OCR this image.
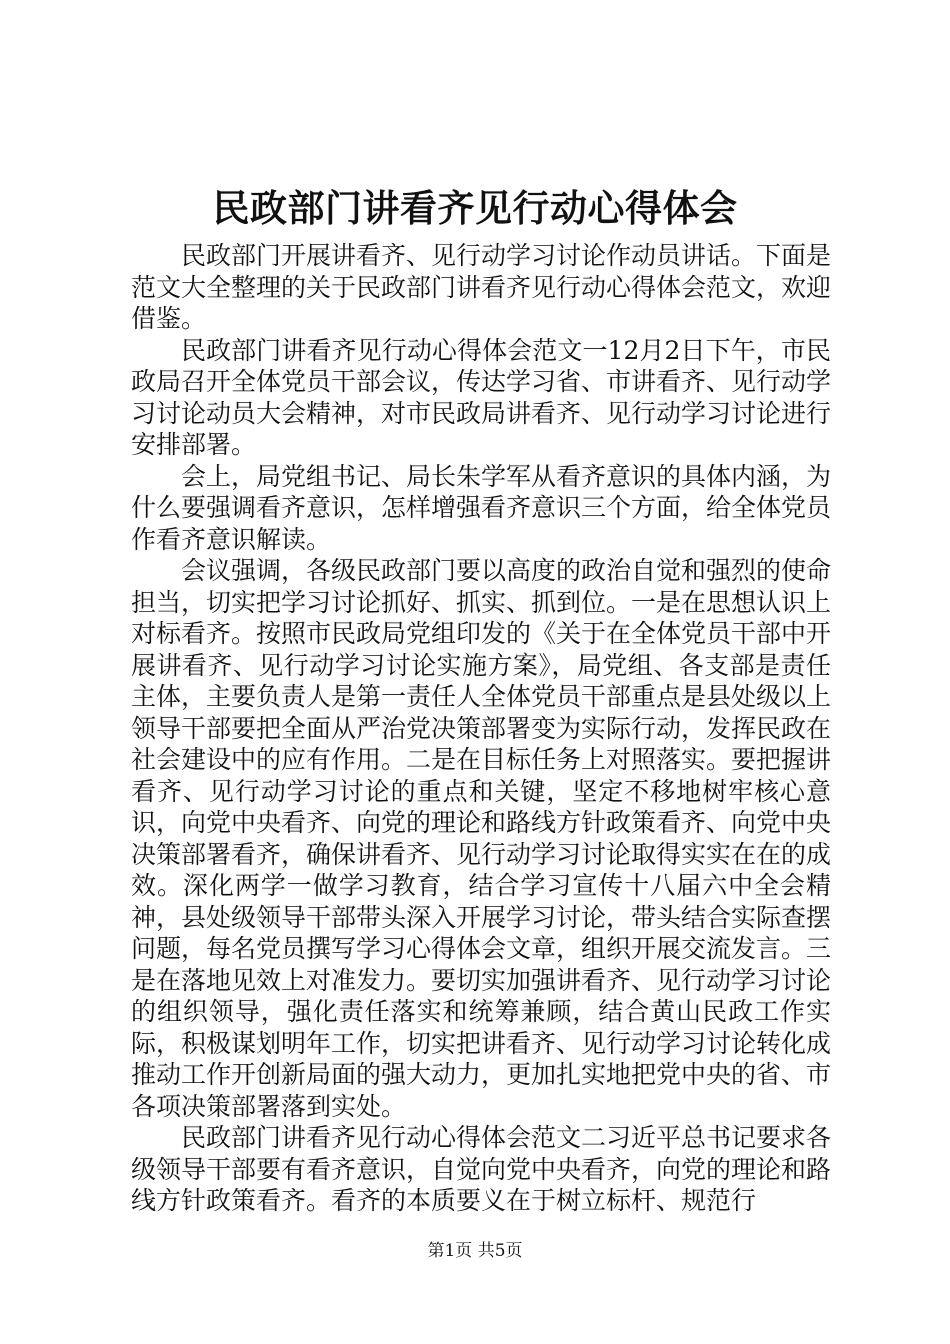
民政部门讲看齐见行动心得体会

民政部门开展讲看齐、见行动学习讨论作动员讲话。下面是范文大全整理的关于民政部门讲看齐见行动心得体会范文，欢迎借鉴。

民政部门讲看齐见行动心得体会范文一12月2日下午，市民政局召开全体党员干部会议，传达学习省、市讲看齐、见行动学习讨论动员大会精神，对市民政局讲看齐、见行动学习讨论进行安排部署。

会上，局党组书记、局长朱学军从看齐意识的具体内涵，为什么要强调看齐意识，怎样增强看齐意识三个方面，给全体党员作看齐意识解读。

会议强调，各级民政部门要以高度的政治自觉和强烈的使命担当，切实把学习讨论抓好、抓实、抓到位。一是在思想认识上对标看齐。按照市民政局党组印发的《关于在全体党员干部中开展讲看齐、见行动学习讨论实施方案》，局党组、各支部是责任主体，主要负责人是第一责任人全体党员干部重点是县处级以上领导干部要把全面从严治党决策部署变为实际行动，发挥民政在社会建设中的应有作用。二是在目标任务上对照落实。要把握讲看齐、见行动学习讨论的重点和关键，坚定不移地树牢核心意识，向党中央看齐、向党的理论和路线方针政策看齐、向党中央决策部署看齐，确保讲看齐、见行动学习讨论取得实实在在的成效。深化两学一做学习教育，结合学习宣传十八届六中全会精神，县处级领导干部带头深入开展学习讨论，带头结合实际查摆问题，每名党员撰写学习心得体会文章，组织开展交流发言。三是在落地见效上对准发力。要切实加强讲看齐、见行动学习讨论的组织领导，强化责任落实和统筹兼顾，结合黄山民政工作实际，积极谋划明年工作，切实把讲看齐、见行动学习讨论转化成推动工作开创新局面的强大动力，更加扎实地把党中央的省、市各项决策部署落到实处。

民政部门讲看齐见行动心得体会范文二习近平总书记要求各级领导干部要有看齐意识，自觉向党中央看齐，向党的理论和路线方针政策看齐。看齐的本质要义在于树立标杆、规范行

第1页 共5页
